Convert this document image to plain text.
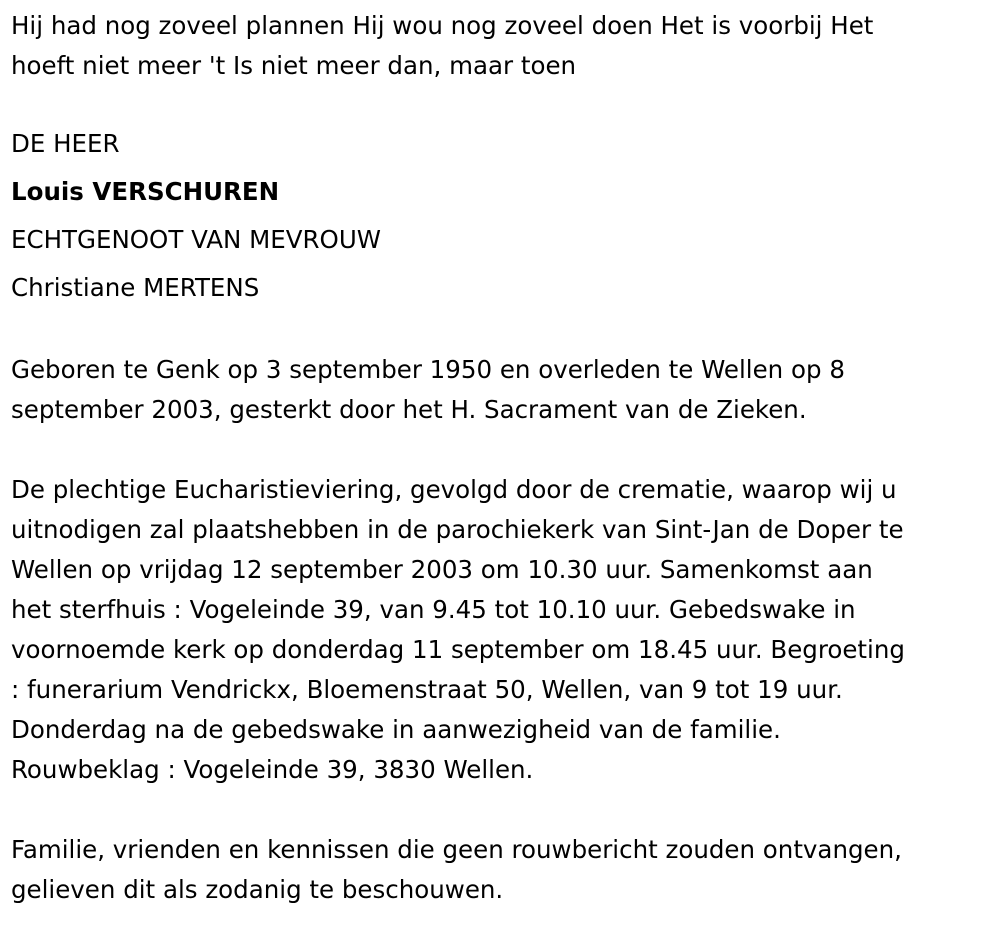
Hij had nog zoveel plannen Hij wou nog zoveel doen Het is voorbij Het
hoeft niet meer 't Is niet meer dan, maar toen

DE HEER
Louis VERSCHUREN
ECHTGENOOT VAN MEVROUW
Christiane MERTENS

Geboren te Genk op 3 september 1950 en overleden te Wellen op 8
september 2003, gesterkt door het H. Sacrament van de Zieken.

De plechtige Eucharistieviering, gevolgd door de crematie, waarop wij u
uitnodigen zal plaatshebben in de parochiekerk van Sint-Jan de Doper te
Wellen op vrijdag 12 september 2003 om 10.30 uur. Samenkomst aan
het sterfhuis : Vogeleinde 39, van 9.45 tot 10.10 uur. Gebedswake in
voornoemde kerk op donderdag 11 september om 18.45 uur. Begroeting
: funerarium Vendrickx, Bloemenstraat 50, Wellen, van 9 tot 19 uur.
Donderdag na de gebedswake in aanwezigheid van de familie.
Rouwbeklag : Vogeleinde 39, 3830 Wellen.

Familie, vrienden en kennissen die geen rouwbericht zouden ontvangen,
gelieven dit als zodanig te beschouwen.
